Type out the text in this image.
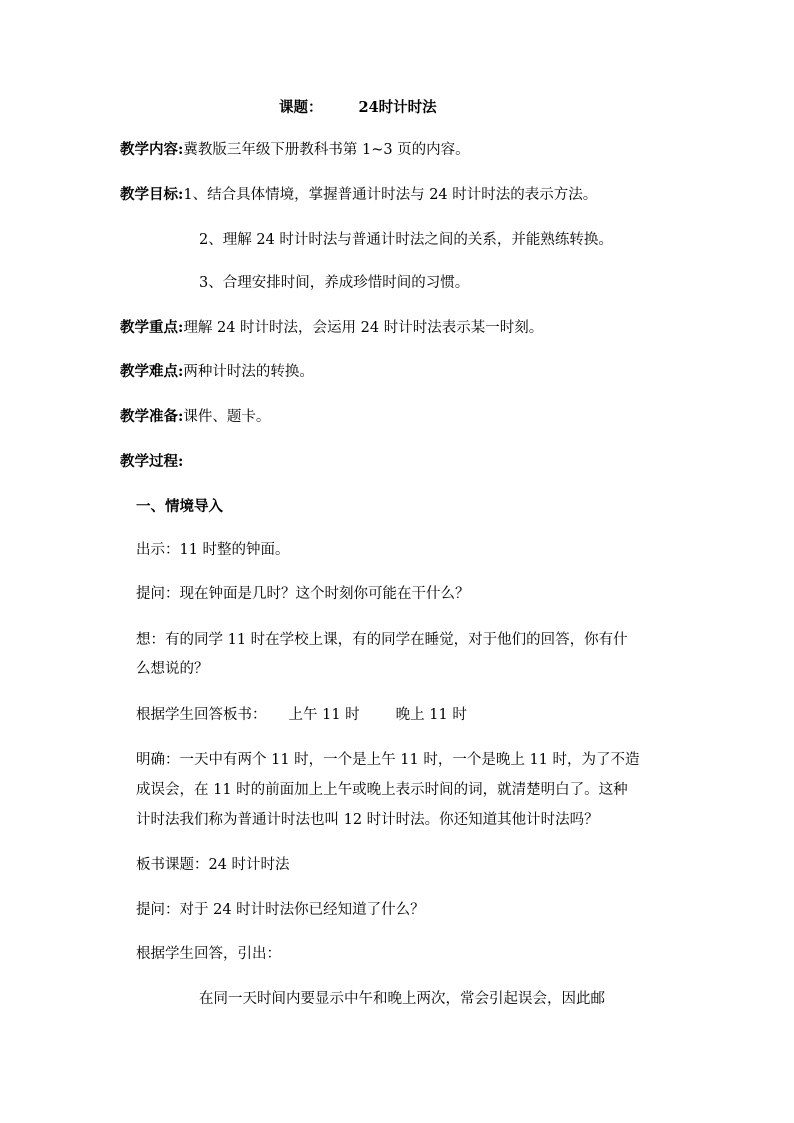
课题： 24时计时法
教学内容:冀教版三年级下册教科书第 1~3 页的内容。
教学目标:1、结合具体情境，掌握普通计时法与 24 时计时法的表示方法。
2、理解 24 时计时法与普通计时法之间的关系，并能熟练转换。
3、合理安排时间，养成珍惜时间的习惯。
教学重点:理解 24 时计时法，会运用 24 时计时法表示某一时刻。
教学难点:两种计时法的转换。
教学准备:课件、题卡。
教学过程:
一、情境导入
出示：11 时整的钟面。
提问：现在钟面是几时？这个时刻你可能在干什么？
想：有的同学 11 时在学校上课，有的同学在睡觉，对于他们的回答，你有什
么想说的？
根据学生回答板书： 上午 11 时 晚上 11 时
明确：一天中有两个 11 时，一个是上午 11 时，一个是晚上 11 时，为了不造
成误会，在 11 时的前面加上上午或晚上表示时间的词，就清楚明白了。这种
计时法我们称为普通计时法也叫 12 时计时法。你还知道其他计时法吗？
板书课题：24 时计时法
提问：对于 24 时计时法你已经知道了什么？
根据学生回答，引出：
在同一天时间内要显示中午和晚上两次，常会引起误会，因此邮
